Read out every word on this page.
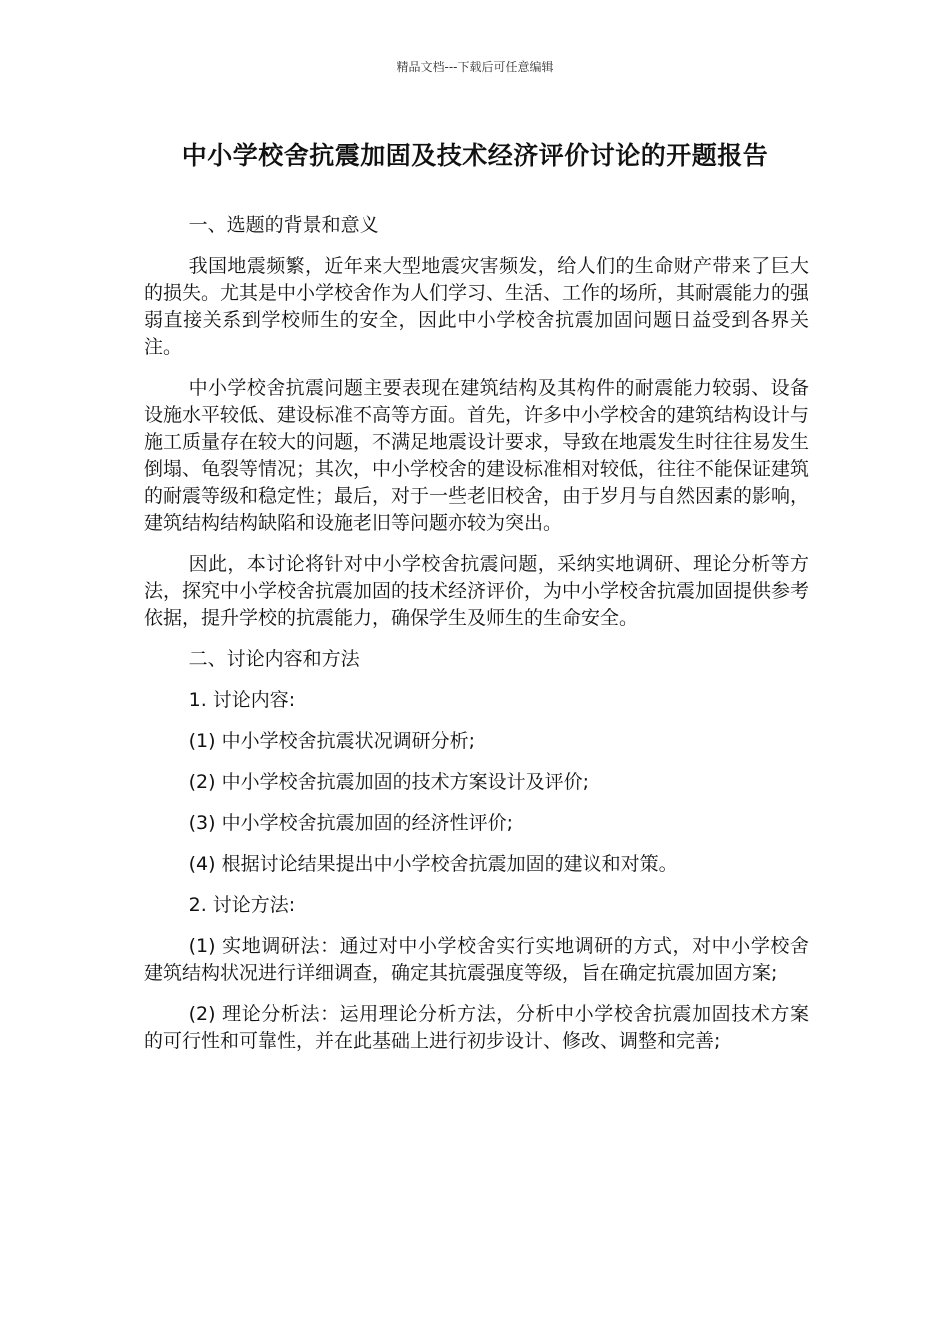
精品文档---下载后可任意编辑
中小学校舍抗震加固及技术经济评价讨论的开题报告

一、选题的背景和意义

我国地震频繁，近年来大型地震灾害频发，给人们的生命财产带来了巨大的损失。尤其是中小学校舍作为人们学习、生活、工作的场所，其耐震能力的强弱直接关系到学校师生的安全，因此中小学校舍抗震加固问题日益受到各界关注。

中小学校舍抗震问题主要表现在建筑结构及其构件的耐震能力较弱、设备设施水平较低、建设标准不高等方面。首先，许多中小学校舍的建筑结构设计与施工质量存在较大的问题，不满足地震设计要求，导致在地震发生时往往易发生倒塌、龟裂等情况；其次，中小学校舍的建设标准相对较低，往往不能保证建筑的耐震等级和稳定性；最后，对于一些老旧校舍，由于岁月与自然因素的影响，建筑结构结构缺陷和设施老旧等问题亦较为突出。

因此，本讨论将针对中小学校舍抗震问题，采纳实地调研、理论分析等方法，探究中小学校舍抗震加固的技术经济评价，为中小学校舍抗震加固提供参考依据，提升学校的抗震能力，确保学生及师生的生命安全。

二、讨论内容和方法

1. 讨论内容:

(1) 中小学校舍抗震状况调研分析;

(2) 中小学校舍抗震加固的技术方案设计及评价;

(3) 中小学校舍抗震加固的经济性评价;

(4) 根据讨论结果提出中小学校舍抗震加固的建议和对策。

2. 讨论方法:

(1) 实地调研法：通过对中小学校舍实行实地调研的方式，对中小学校舍建筑结构状况进行详细调查，确定其抗震强度等级，旨在确定抗震加固方案;

(2) 理论分析法：运用理论分析方法，分析中小学校舍抗震加固技术方案的可行性和可靠性，并在此基础上进行初步设计、修改、调整和完善;
